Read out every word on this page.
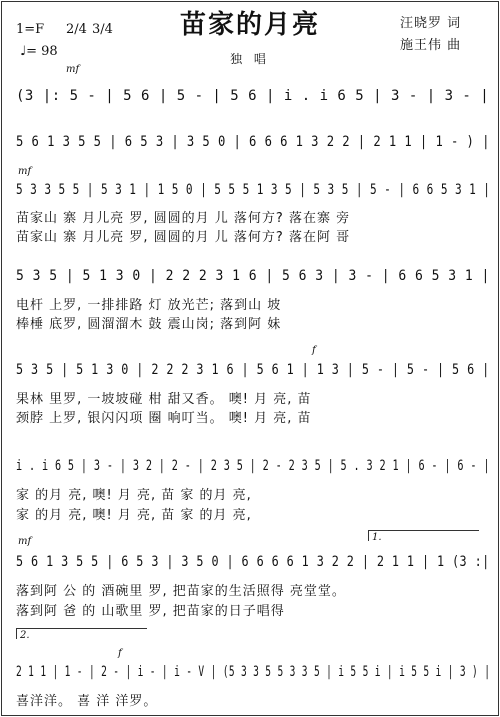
1=F 2/4 3/4
♩= 98
苗家的月亮
独 唱
汪晓罗 词
施王伟 曲
mf
(3 |: 5 - | 5 6 | 5 - | 5 6 | i . i 6 5 | 3 - | 3 - |
5 6 1 3 5 5 | 6 5 3 | 3 5 0 | 6 6 6 1 3 2 2 | 2 1 1 | 1 - ) |
mf
5 3 3 5 5 | 5 3 1 | 1 5 0 | 5 5 5 1 3 5 | 5 3 5 | 5 - | 6 6 5 3 1 |
苗家山 寨 月儿亮 罗, 圆圆的月 儿 落何方? 落在寨 旁
苗家山 寨 月儿亮 罗, 圆圆的月 儿 落何方? 落在阿 哥
5 3 5 | 5 1 3 0 | 2 2 2 3 1 6 | 5 6 3 | 3 - | 6 6 5 3 1 |
电杆 上罗, 一排排路 灯 放光芒; 落到山 坡
棒棰 底罗, 圆溜溜木 鼓 震山岗; 落到阿 妹
f
5 3 5 | 5 1 3 0 | 2 2 2 3 1 6 | 5 6 1 | 1 3 | 5 - | 5 - | 5 6 |
果林 里罗, 一坡坡碰 柑 甜又香。 噢! 月 亮, 苗
颈脖 上罗, 银闪闪项 圈 响叮当。 噢! 月 亮, 苗
i . i 6 5 | 3 - | 3 2 | 2 - | 2 3 5 | 2 - 2 3 5 | 5 . 3 2 1 | 6 - | 6 - |
家 的月 亮, 噢! 月 亮, 苗 家 的月 亮,
家 的月 亮, 噢! 月 亮, 苗 家 的月 亮,
1.
mf
5 6 1 3 5 5 | 6 5 3 | 3 5 0 | 6 6 6 6 1 3 2 2 | 2 1 1 | 1 (3 :|
落到阿 公 的 酒碗里 罗, 把苗家的生活照得 亮堂堂。
落到阿 爸 的 山歌里 罗, 把苗家的日子唱得
2.
f
2 1 1 | 1 - | 2 - | i - | i - V | (5 3 3 5 5 3 3 5 | i 5 5 i | i 5 5 i | 3 ) |
喜洋洋。 喜 洋 洋罗。
